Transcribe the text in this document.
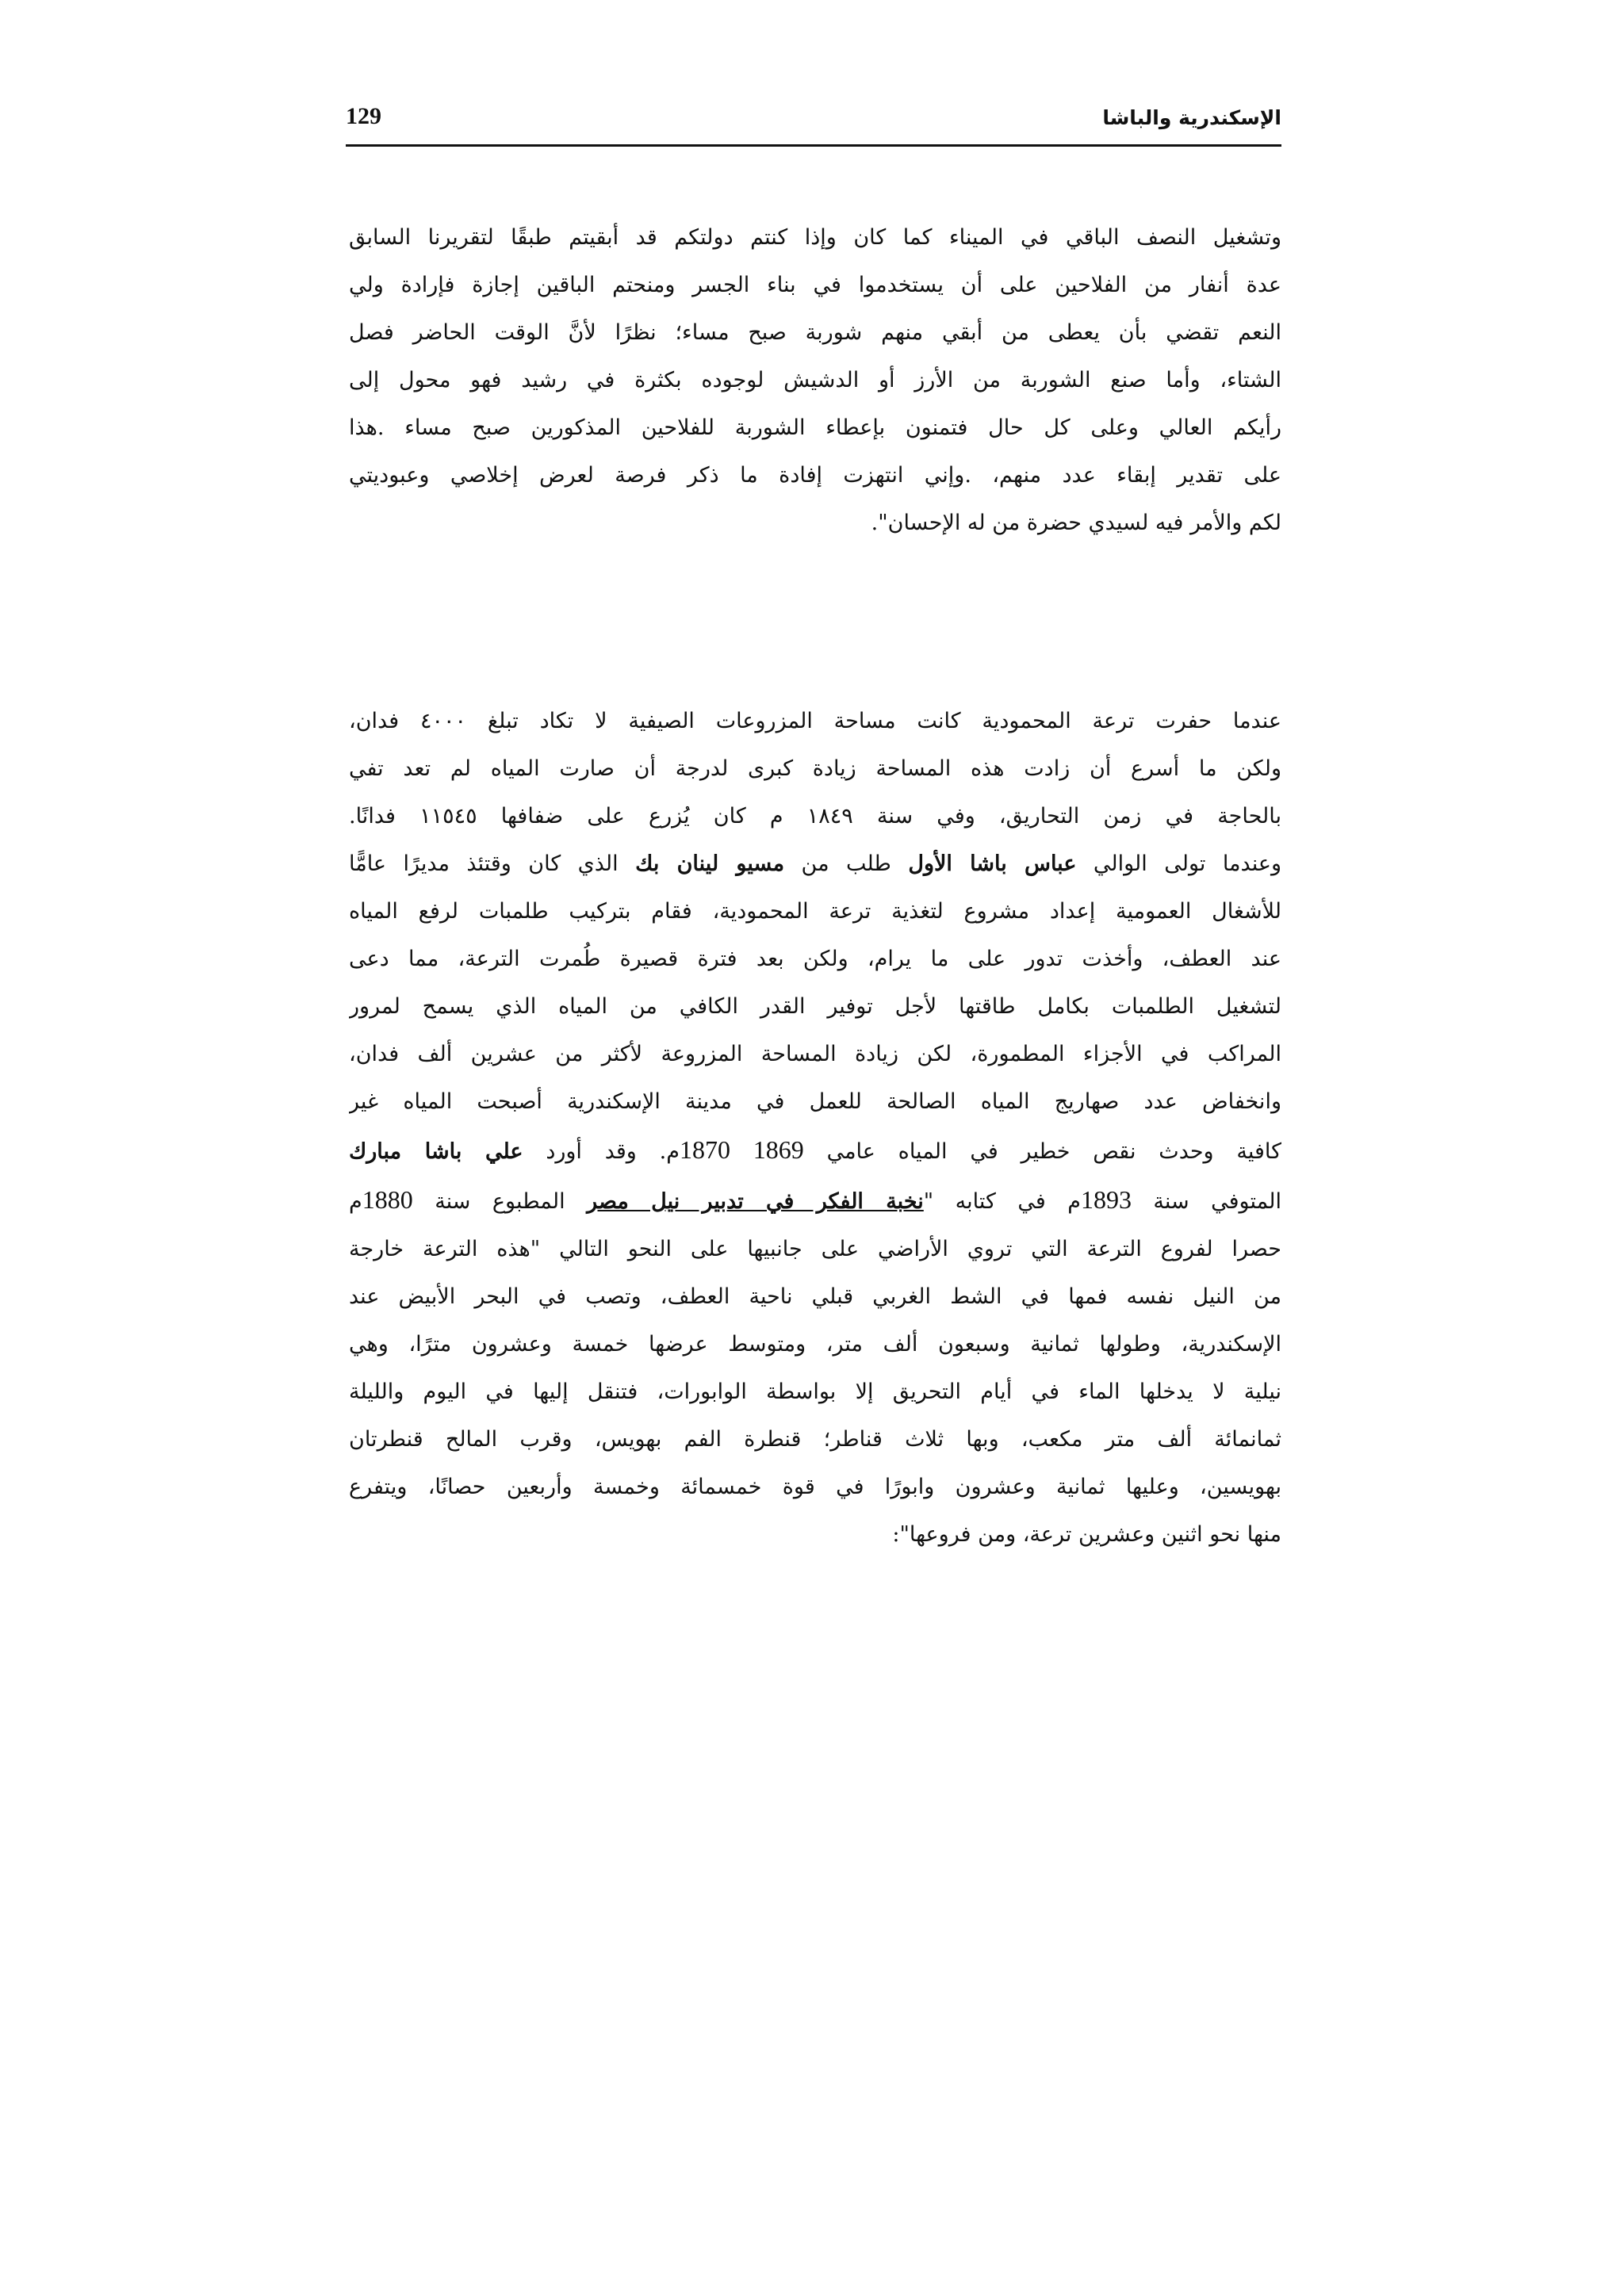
الإسكندرية والباشا
129
وتشغيل النصف الباقي في الميناء كما كان وإذا كنتم دولتكم قد أبقيتم طبقًا لتقريرنا السابق
عدة أنفار من الفلاحين على أن يستخدموا في بناء الجسر ومنحتم الباقين إجازة فإرادة ولي
النعم تقضي بأن يعطى من أبقي منهم شوربة صبح مساء؛ نظرًا لأنَّ الوقت الحاضر فصل
الشتاء، وأما صنع الشوربة من الأرز أو الدشيش لوجوده بكثرة في رشيد فهو محول إلى
رأيكم العالي وعلى كل حال فتمنون بإعطاء الشوربة للفلاحين المذكورين صبح مساء .هذا
على تقدير إبقاء عدد منهم، .وإني انتهزت إفادة ما ذكر فرصة لعرض إخلاصي وعبوديتي
لكم والأمر فيه لسيدي حضرة من له الإحسان".
عندما حفرت ترعة المحمودية كانت مساحة المزروعات الصيفية لا تكاد تبلغ ٤٠٠٠ فدان،
ولكن ما أسرع أن زادت هذه المساحة زيادة كبرى لدرجة أن صارت المياه لم تعد تفي
بالحاجة في زمن التحاريق، وفي سنة ١٨٤٩ م كان يُزرع على ضفافها ١١٥٤٥ فدانًا.
وعندما تولى الوالي عباس باشا الأول طلب من مسيو لينان بك الذي كان وقتئذ مديرًا عامًّا
للأشغال العمومية إعداد مشروع لتغذية ترعة المحمودية، فقام بتركيب طلمبات لرفع المياه
عند العطف، وأخذت تدور على ما يرام، ولكن بعد فترة قصيرة طُمرت الترعة، مما دعى
لتشغيل الطلمبات بكامل طاقتها لأجل توفير القدر الكافي من المياه الذي يسمح لمرور
المراكب في الأجزاء المطمورة، لكن زيادة المساحة المزروعة لأكثر من عشرين ألف فدان،
وانخفاض عدد صهاريج المياه الصالحة للعمل في مدينة الإسكندرية أصبحت المياه غير
كافية وحدث نقص خطير في المياه عامي 1869 1870م. وقد أورد علي باشا مبارك
المتوفي سنة 1893م في كتابه "نخبة الفكر في تدبير نيل مصر المطبوع سنة 1880م
حصرا لفروع الترعة التي تروي الأراضي على جانبيها على النحو التالي "هذه الترعة خارجة
من النيل نفسه فمها في الشط الغربي قبلي ناحية العطف، وتصب في البحر الأبيض عند
الإسكندرية، وطولها ثمانية وسبعون ألف متر، ومتوسط عرضها خمسة وعشرون مترًا، وهي
نيلية لا يدخلها الماء في أيام التحريق إلا بواسطة الوابورات، فتنقل إليها في اليوم والليلة
ثمانمائة ألف متر مكعب، وبها ثلاث قناطر؛ قنطرة الفم بهويس، وقرب المالح قنطرتان
بهويسين، وعليها ثمانية وعشرون وابورًا في قوة خمسمائة وخمسة وأربعين حصانًا، ويتفرع
منها نحو اثنين وعشرين ترعة، ومن فروعها":
